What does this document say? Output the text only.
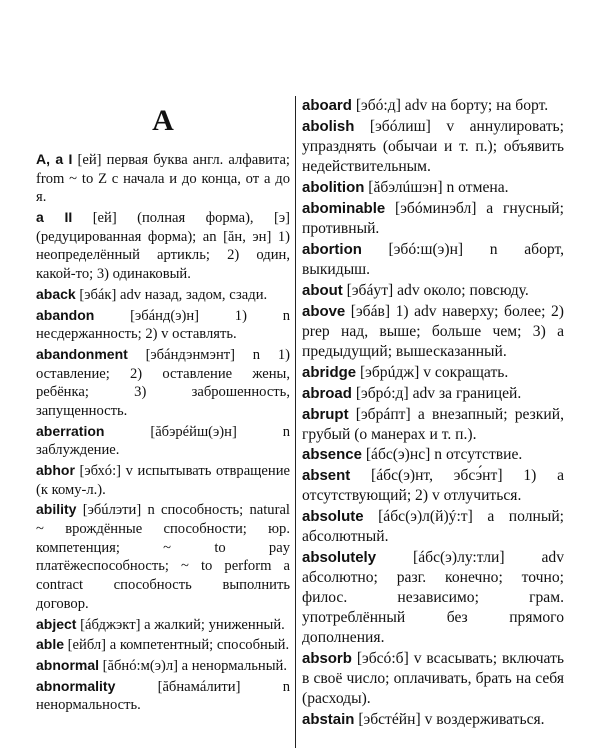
A
A, a I [ей] первая буква англ. алфавита; from ~ to Z с начала и до конца, от а до я.
a II [ей] (полная форма), [э] (редуцированная форма); an [ăн, эн] 1) неопределённый артикль; 2) один, какой-то; 3) одинаковый.
aback [эбáк] adv назад, задом, сзади.
abandon [эбáнд(э)н] 1) n несдержанность; 2) v оставлять.
abandonment [эбáндэнмэнт] n 1) оставление; 2) оставление жены, ребёнка; 3) заброшенность, запущенность.
aberration	[ăбэрéйш(э)н]	n заблуждение.
abhor [эбхó:] v испытывать отвращение (к кому-л.).
ability [эбúлэти] n способность; natural ~ врождённые способности; юр. компетенция; ~ to pay платёжеспособность; ~ to perform a contract способность выполнить договор.
abject [áбджэкт] a жалкий; униженный.
able [ейбл] a компетентный; способный.
abnormal [ăбнó:м(э)л] a ненормальный.
abnormality	[ăбнaмáлити]	n ненормальность.
aboard [эбó:д] adv на борту; на борт.
abolish [эбóлиш] v аннулировать; упразднять (обычаи и т. п.); объявить недействительным.
abolition [ăбэлúшэн] n отмена.
abominable [эбóминэбл] a гнусный; противный.
abortion [эбó:ш(э)н] n аборт, выкидыш.
about [эбáут] adv около; повсюду.
above [эбáв] 1) adv наверху; более; 2) prep над, выше; больше чем; 3) a предыдущий; вышесказанный.
abridge [эбрúдж] v сокращать.
abroad [эбрó:д] adv за границей.
abrupt [эбрáпт] a внезапный; резкий, грубый (о манерах и т. п.).
absence [áбс(э)нс] n отсутствие.
absent [áбс(э)нт, эбсэ́нт] 1) a отсутствующий; 2) v отлучиться.
absolute [áбс(э)л(й)ý:т] a полный; абсолютный.
absolutely [áбс(э)лу:тли] adv абсолютно; разг. конечно; точно; филос. независимо; грам. употреблённый без прямого дополнения.
absorb [эбсó:б] v всасывать; включать в своё число; оплачивать, брать на себя (расходы).
abstain [эбстéйн] v воздерживаться.
